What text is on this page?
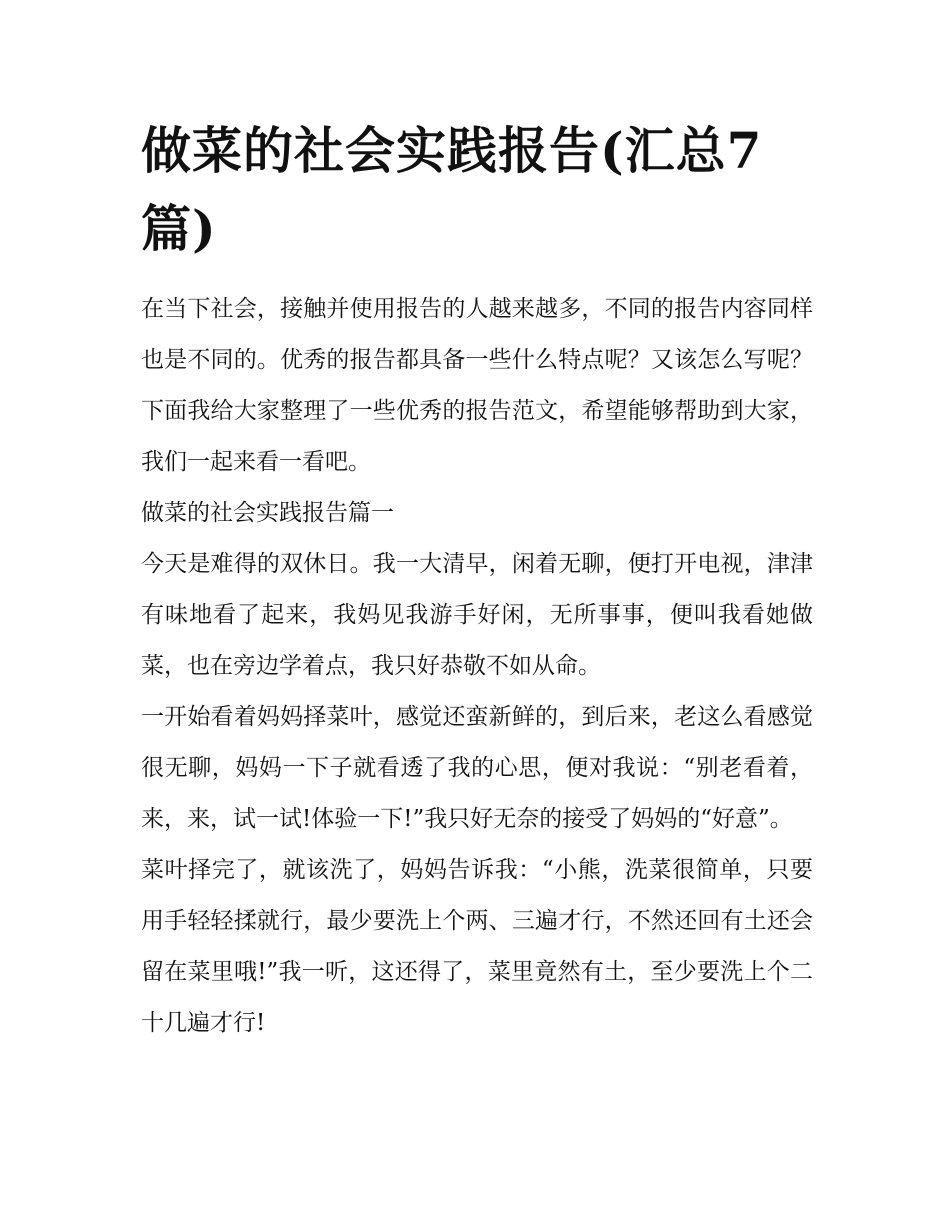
做菜的社会实践报告(汇总7篇)

在当下社会，接触并使用报告的人越来越多，不同的报告内容同样也是不同的。优秀的报告都具备一些什么特点呢？又该怎么写呢？下面我给大家整理了一些优秀的报告范文，希望能够帮助到大家，我们一起来看一看吧。

做菜的社会实践报告篇一

今天是难得的双休日。我一大清早，闲着无聊，便打开电视，津津有味地看了起来，我妈见我游手好闲，无所事事，便叫我看她做菜，也在旁边学着点，我只好恭敬不如从命。

一开始看着妈妈择菜叶，感觉还蛮新鲜的，到后来，老这么看感觉很无聊，妈妈一下子就看透了我的心思，便对我说：“别老看着，来，来，试一试!体验一下!”我只好无奈的接受了妈妈的“好意”。

菜叶择完了，就该洗了，妈妈告诉我：“小熊，洗菜很简单，只要用手轻轻揉就行，最少要洗上个两、三遍才行，不然还回有土还会留在菜里哦!”我一听，这还得了，菜里竟然有土，至少要洗上个二十几遍才行!
